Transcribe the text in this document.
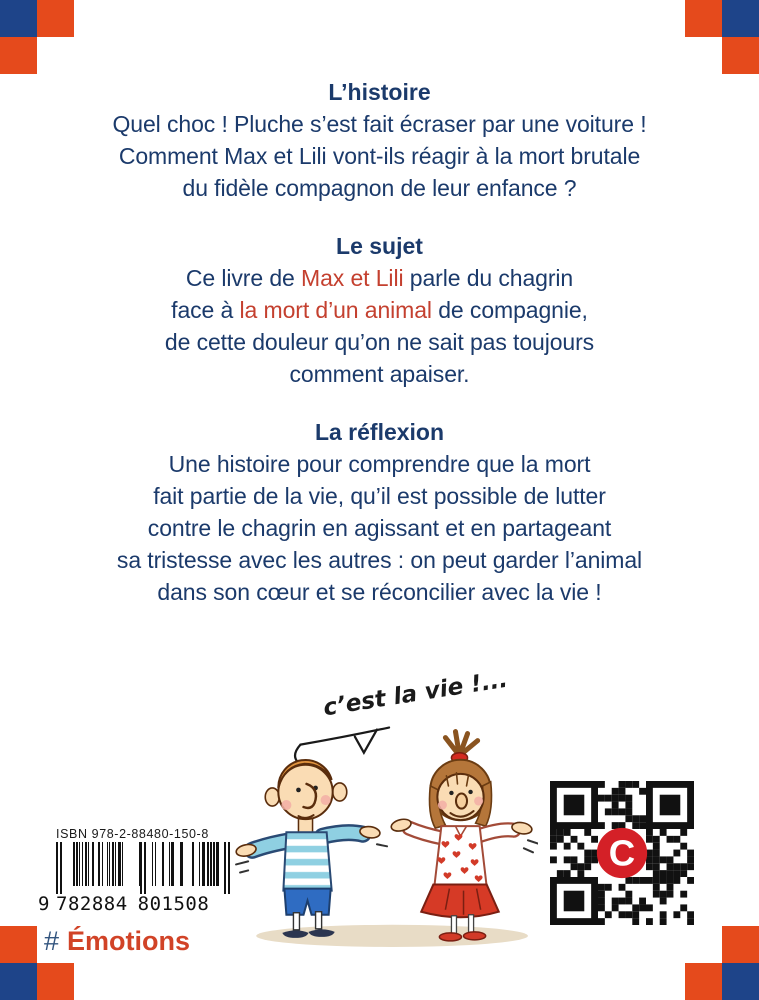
L’histoire
Quel choc ! Pluche s’est fait écraser par une voiture !
Comment Max et Lili vont-ils réagir à la mort brutale
du fidèle compagnon de leur enfance ?
Le sujet
Ce livre de Max et Lili parle du chagrin
face à la mort d’un animal de compagnie,
de cette douleur qu’on ne sait pas toujours
comment apaiser.
La réflexion
Une histoire pour comprendre que la mort
fait partie de la vie, qu’il est possible de lutter
contre le chagrin en agissant et en partageant
sa tristesse avec les autres : on peut garder l’animal
dans son cœur et se réconcilier avec la vie !
c’est la vie !...
ISBN 978-2-88480-150-8
9 782884 801508
C
# Émotions
